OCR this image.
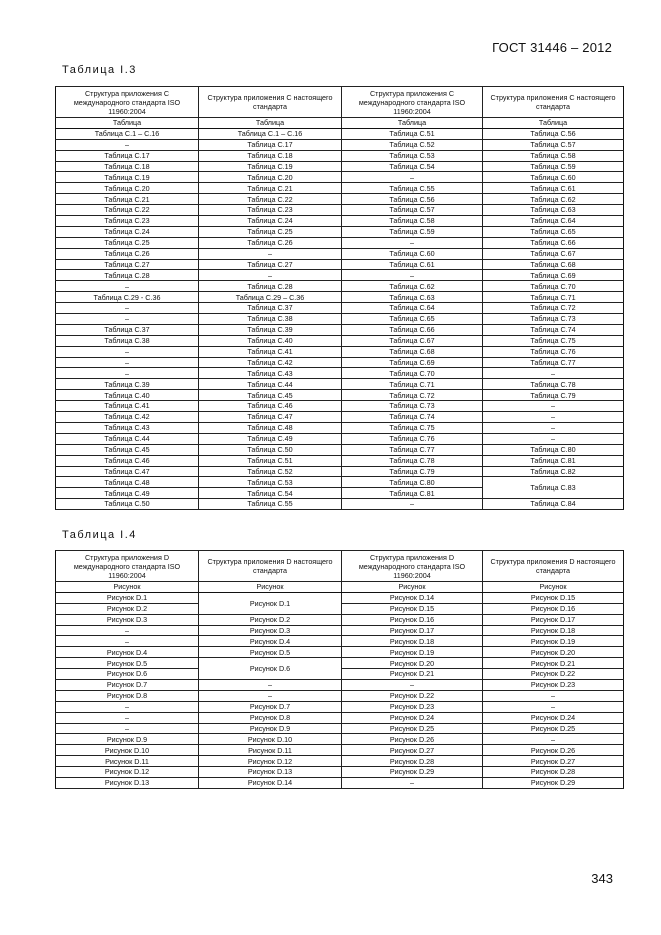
ГОСТ 31446 – 2012
Таблица I.3
Структура приложения С международного стандарта ISO 11960:2004	Структура приложения С настоящего стандарта	Структура приложения С международного стандарта ISO 11960:2004	Структура приложения С настоящего стандарта
Таблица	Таблица	Таблица	Таблица
Таблица С.1 – С.16	Таблица С.1 – С.16	Таблица С.51	Таблица С.56
–	Таблица С.17	Таблица С.52	Таблица С.57
Таблица С.17	Таблица С.18	Таблица С.53	Таблица С.58
Таблица С.18	Таблица С.19	Таблица С.54	Таблица С.59
Таблица С.19	Таблица С.20	–	Таблица С.60
Таблица С.20	Таблица С.21	Таблица С.55	Таблица С.61
Таблица С.21	Таблица С.22	Таблица С.56	Таблица С.62
Таблица С.22	Таблица С.23	Таблица С.57	Таблица С.63
Таблица С.23	Таблица С.24	Таблица С.58	Таблица С.64
Таблица С.24	Таблица С.25	Таблица С.59	Таблица С.65
Таблица С.25	Таблица С.26	–	Таблица С.66
Таблица С.26	–	Таблица С.60	Таблица С.67
Таблица С.27	Таблица С.27	Таблица С.61	Таблица С.68
Таблица С.28	–	–	Таблица С.69
–	Таблица С.28	Таблица С.62	Таблица С.70
Таблица С.29 - С.36	Таблица С.29 – С.36	Таблица С.63	Таблица С.71
–	Таблица С.37	Таблица С.64	Таблица С.72
–	Таблица С.38	Таблица С.65	Таблица С.73
Таблица С.37	Таблица С.39	Таблица С.66	Таблица С.74
Таблица С.38	Таблица С.40	Таблица С.67	Таблица С.75
–	Таблица С.41	Таблица С.68	Таблица С.76
–	Таблица С.42	Таблица С.69	Таблица С.77
–	Таблица С.43	Таблица С.70	–
Таблица С.39	Таблица С.44	Таблица С.71	Таблица С.78
Таблица С.40	Таблица С.45	Таблица С.72	Таблица С.79
Таблица С.41	Таблица С.46	Таблица С.73	–
Таблица С.42	Таблица С.47	Таблица С.74	–
Таблица С.43	Таблица С.48	Таблица С.75	–
Таблица С.44	Таблица С.49	Таблица С.76	–
Таблица С.45	Таблица С.50	Таблица С.77	Таблица С.80
Таблица С.46	Таблица С.51	Таблица С.78	Таблица С.81
Таблица С.47	Таблица С.52	Таблица С.79	Таблица С.82
Таблица С.48	Таблица С.53	Таблица С.80	Таблица С.83
Таблица С.49	Таблица С.54	Таблица С.81	
Таблица С.50	Таблица С.55	–	Таблица С.84
Таблица I.4
Структура приложения D международного стандарта ISO 11960:2004	Структура приложения D настоящего стандарта	Структура приложения D международного стандарта ISO 11960:2004	Структура приложения D настоящего стандарта
Рисунок	Рисунок	Рисунок	Рисунок
Рисунок D.1	Рисунок D.1	Рисунок D.14	Рисунок D.15
Рисунок D.2		Рисунок D.15	Рисунок D.16
Рисунок D.3	Рисунок D.2	Рисунок D.16	Рисунок D.17
–	Рисунок D.3	Рисунок D.17	Рисунок D.18
–	Рисунок D.4	Рисунок D.18	Рисунок D.19
Рисунок D.4	Рисунок D.5	Рисунок D.19	Рисунок D.20
Рисунок D.5	Рисунок D.6	Рисунок D.20	Рисунок D.21
Рисунок D.6		Рисунок D.21	Рисунок D.22
Рисунок D.7	–	–	Рисунок D.23
Рисунок D.8	–	Рисунок D.22	–
–	Рисунок D.7	Рисунок D.23	–
–	Рисунок D.8	Рисунок D.24	Рисунок D.24
–	Рисунок D.9	Рисунок D.25	Рисунок D.25
Рисунок D.9	Рисунок D.10	Рисунок D.26	–
Рисунок D.10	Рисунок D.11	Рисунок D.27	Рисунок D.26
Рисунок D.11	Рисунок D.12	Рисунок D.28	Рисунок D.27
Рисунок D.12	Рисунок D.13	Рисунок D.29	Рисунок D.28
Рисунок D.13	Рисунок D.14	–	Рисунок D.29
343
